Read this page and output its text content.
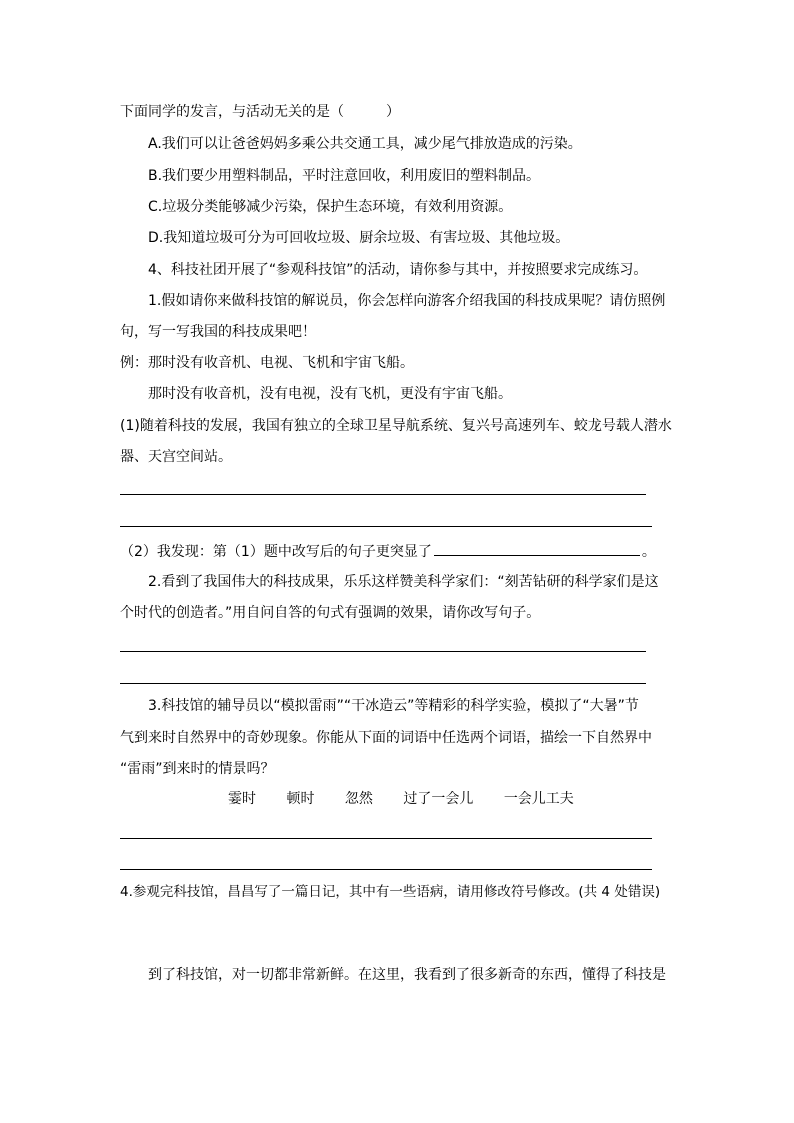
下面同学的发言，与活动无关的是（　　　）
A.我们可以让爸爸妈妈多乘公共交通工具，减少尾气排放造成的污染。
B.我们要少用塑料制品，平时注意回收，利用废旧的塑料制品。
C.垃圾分类能够减少污染，保护生态环境，有效利用资源。
D.我知道垃圾可分为可回收垃圾、厨余垃圾、有害垃圾、其他垃圾。
4、科技社团开展了“参观科技馆”的活动，请你参与其中，并按照要求完成练习。
1.假如请你来做科技馆的解说员，你会怎样向游客介绍我国的科技成果呢？请仿照例
句，写一写我国的科技成果吧！
例：那时没有收音机、电视、飞机和宇宙飞船。
那时没有收音机，没有电视，没有飞机，更没有宇宙飞船。
(1)随着科技的发展，我国有独立的全球卫星导航系统、复兴号高速列车、蛟龙号载人潜水
器、天宫空间站。
（2）我发现：第（1）题中改写后的句子更突显了	。
2.看到了我国伟大的科技成果，乐乐这样赞美科学家们：“刻苦钻研的科学家们是这
个时代的创造者。”用自问自答的句式有强调的效果，请你改写句子。
3.科技馆的辅导员以“模拟雷雨”“干冰造云”等精彩的科学实验，模拟了“大暑”节
气到来时自然界中的奇妙现象。你能从下面的词语中任选两个词语，描绘一下自然界中
“雷雨”到来时的情景吗？
霎时 顿时 忽然 过了一会儿 一会儿工夫
4.参观完科技馆，昌昌写了一篇日记，其中有一些语病，请用修改符号修改。(共 4 处错误)
到了科技馆，对一切都非常新鲜。在这里，我看到了很多新奇的东西，懂得了科技是
